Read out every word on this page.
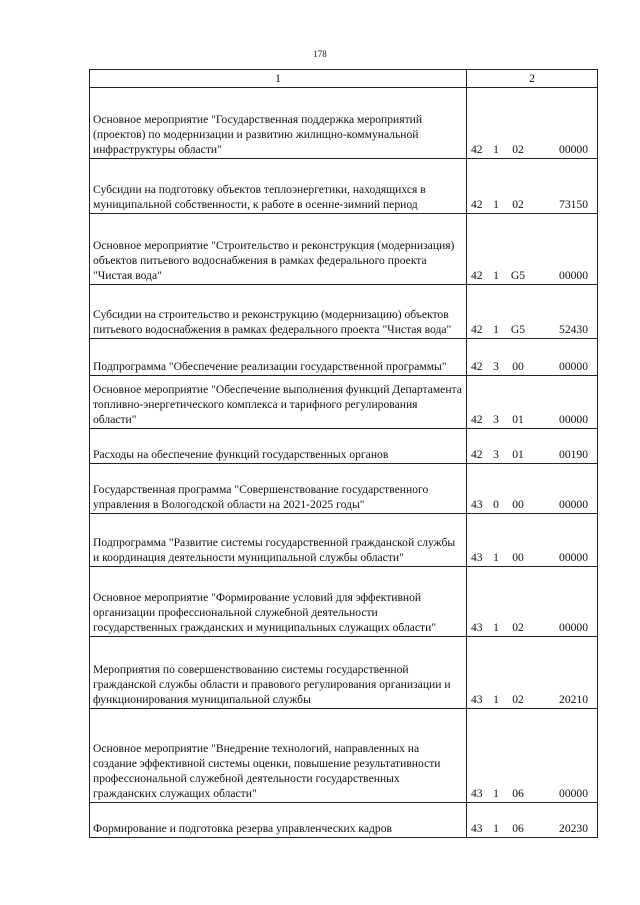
178
1	2
Основное мероприятие "Государственная поддержка мероприятий (проектов) по модернизации и развитию жилищно-коммунальной инфраструктуры области"	42 1 02 00000
Субсидии на подготовку объектов теплоэнергетики, находящихся в муниципальной собственности, к работе в осенне-зимний период	42 1 02 73150
Основное мероприятие "Строительство и реконструкция (модернизация) объектов питьевого водоснабжения в рамках федерального проекта "Чистая вода"	42 1 G5 00000
Субсидии на строительство и реконструкцию (модернизацию) объектов питьевого водоснабжения в рамках федерального проекта "Чистая вода"	42 1 G5 52430
Подпрограмма "Обеспечение реализации государственной программы"	42 3 00 00000
Основное мероприятие "Обеспечение выполнения функций Департамента топливно-энергетического комплекса и тарифного регулирования области"	42 3 01 00000
Расходы на обеспечение функций государственных органов	42 3 01 00190
Государственная программа "Совершенствование государственного управления в Вологодской области на 2021-2025 годы"	43 0 00 00000
Подпрограмма "Развитие системы государственной гражданской службы и координация деятельности муниципальной службы области"	43 1 00 00000
Основное мероприятие "Формирование условий для эффективной организации профессиональной служебной деятельности государственных гражданских и муниципальных служащих области"	43 1 02 00000
Мероприятия по совершенствованию системы государственной гражданской службы области и правового регулирования организации и функционирования муниципальной службы	43 1 02 20210
Основное мероприятие "Внедрение технологий, направленных на создание эффективной системы оценки, повышение результативности профессиональной служебной деятельности государственных гражданских служащих области"	43 1 06 00000
Формирование и подготовка резерва управленческих кадров	43 1 06 20230
